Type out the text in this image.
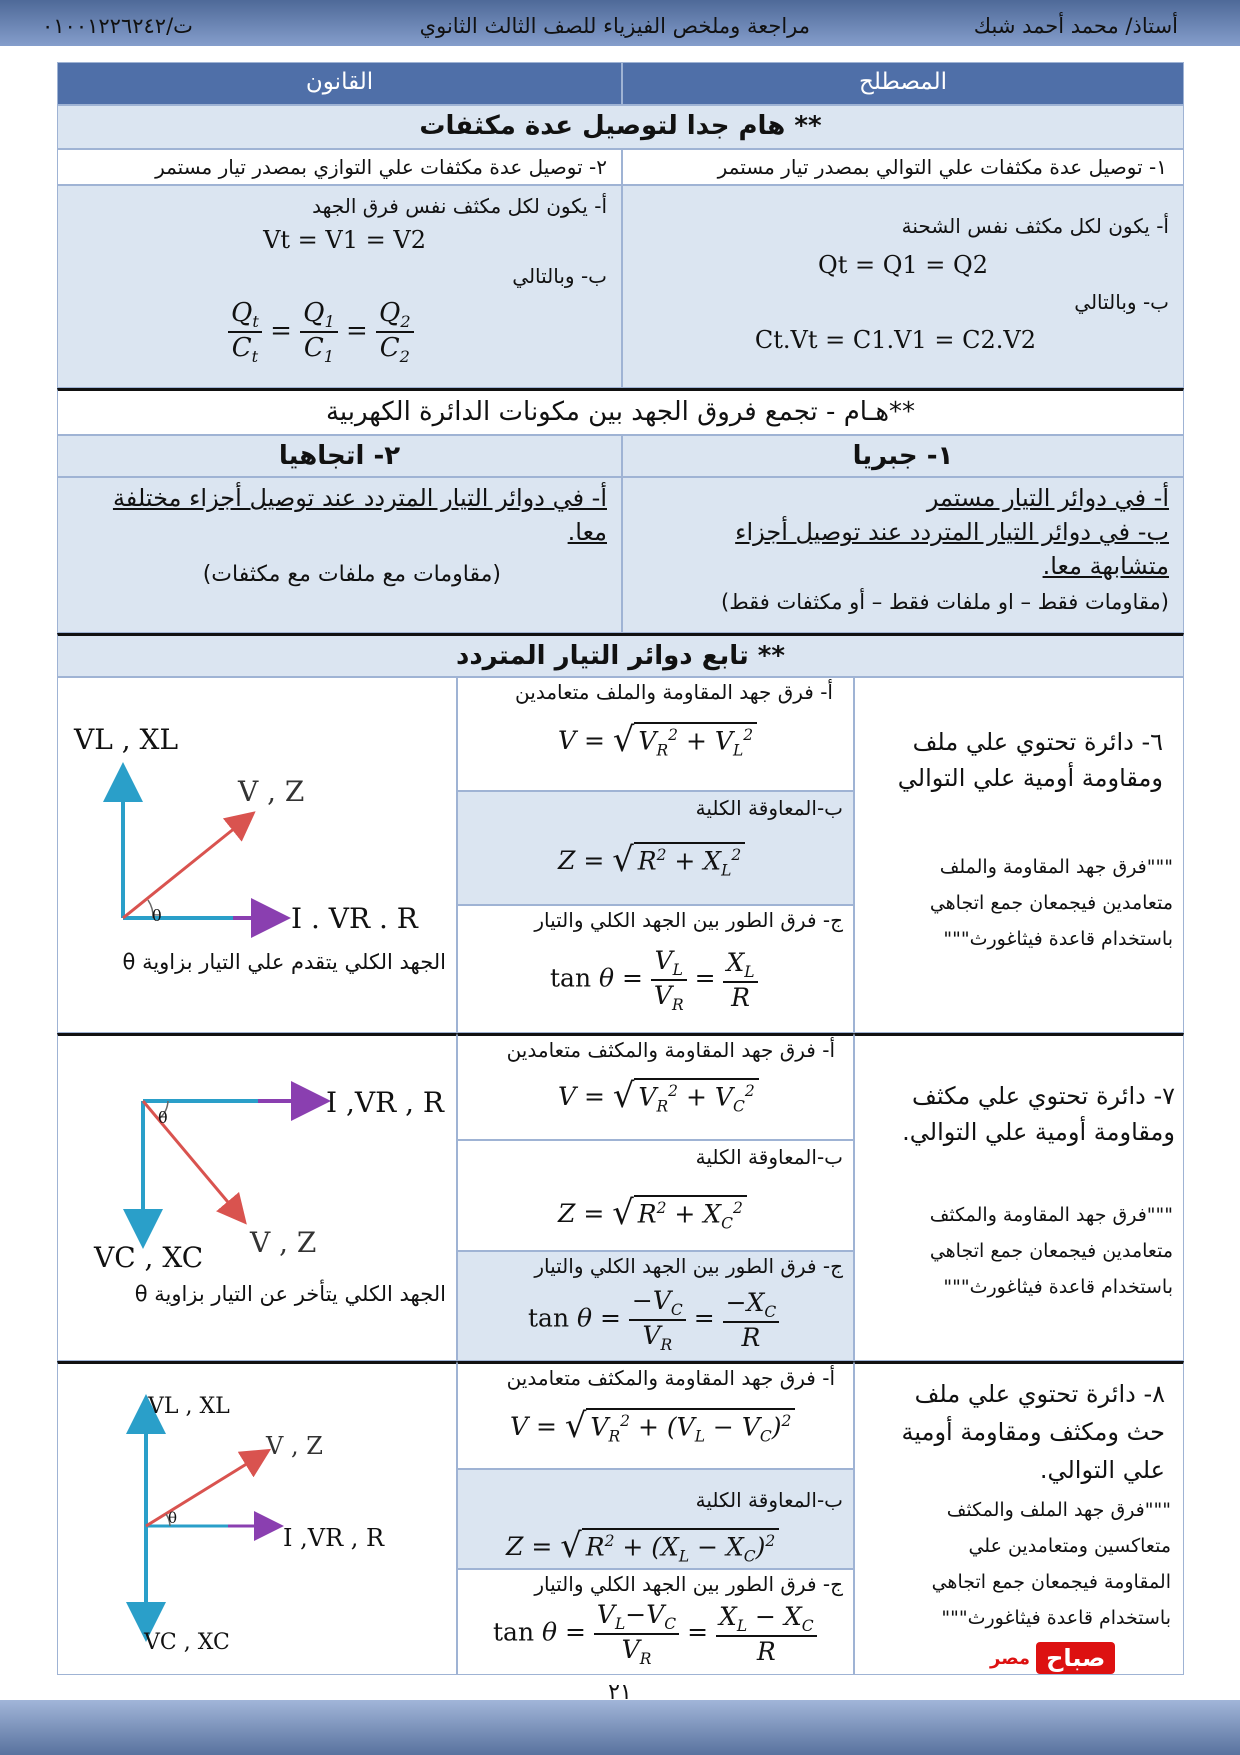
أستاذ/ محمد أحمد شبك
مراجعة وملخص الفيزياء للصف الثالث الثانوي
ت/٠١٠٠١٢٢٦٢٤٢
المصطلح
القانون
** هام جدا لتوصيل عدة مكثفات
١- توصيل عدة مكثفات علي التوالي بمصدر تيار مستمر
٢- توصيل عدة مكثفات علي التوازي بمصدر تيار مستمر
أ- يكون لكل مكثف نفس الشحنة
Qt = Q1 = Q2
ب- وبالتالي
Ct.Vt = C1.V1 = C2.V2
أ- يكون لكل مكثف نفس فرق الجهد
Vt = V1 = V2
ب- وبالتالي
$\frac{Q_t}{C_t} = \frac{Q_1}{C_1} = \frac{Q_2}{C_2}$
**هـام - تجمع فروق الجهد بين مكونات الدائرة الكهربية
١- جبريا
٢- اتجاهيا
أ- في دوائر التيار مستمر
ب- في دوائر التيار المتردد عند توصيل أجزاء
متشابهة معا.
(مقاومات فقط – او ملفات فقط – أو مكثفات فقط)
أ- في دوائر التيار المتردد عند توصيل أجزاء مختلفة
معا.
(مقاومات مع ملفات مع مكثفات)
** تابع دوائر التيار المتردد
٦- دائرة تحتوي علي ملف
ومقاومة أومية علي التوالي
"""فرق جهد المقاومة والملف
متعامدين فيجمعان جمع اتجاهي
باستخدام قاعدة فيثاغورث"""
أ- فرق جهد المقاومة والملف متعامدين
V = √ $V_R^2 + V_L^2$
ب-المعاوقة الكلية
Z = √ $R^2 + X_L^2$
ج- فرق الطور بين الجهد الكلي والتيار
$\tan \theta = \frac{V_L}{V_R} = \frac{X_L}{R}$
VL , XL
V , Z
I . VR . R
θ
الجهد الكلي يتقدم علي التيار بزاوية θ
٧- دائرة تحتوي علي مكثف
ومقاومة أومية علي التوالي.
"""فرق جهد المقاومة والمكثف
متعامدين فيجمعان جمع اتجاهي
باستخدام قاعدة فيثاغورث"""
أ- فرق جهد المقاومة والمكثف متعامدين
V = √ $V_R^2 + V_C^2$
ب-المعاوقة الكلية
Z = √ $R^2 + X_C^2$
ج- فرق الطور بين الجهد الكلي والتيار
$\tan \theta = \frac{-V_C}{V_R} = \frac{-X_C}{R}$
I ,VR , R
V , Z
VC , XC
θ
الجهد الكلي يتأخر عن التيار بزاوية θ
٨- دائرة تحتوي علي ملف
حث ومكثف ومقاومة أومية
علي التوالي.
"""فرق جهد الملف والمكثف
متعاكسين ومتعامدين علي
المقاومة فيجمعان جمع اتجاهي
باستخدام قاعدة فيثاغورث"""
أ- فرق جهد المقاومة والمكثف متعامدين
V = √ $V_R^2 + (V_L - V_C)^2$
ب-المعاوقة الكلية
Z = √ $R^2 + (X_L - X_C)^2$
ج- فرق الطور بين الجهد الكلي والتيار
$\tan \theta = \frac{V_L-V_C}{V_R} = \frac{X_L - X_C}{R}$
VL , XL
V , Z
I ,VR , R
VC , XC
θ
مصر صباح
٢١
